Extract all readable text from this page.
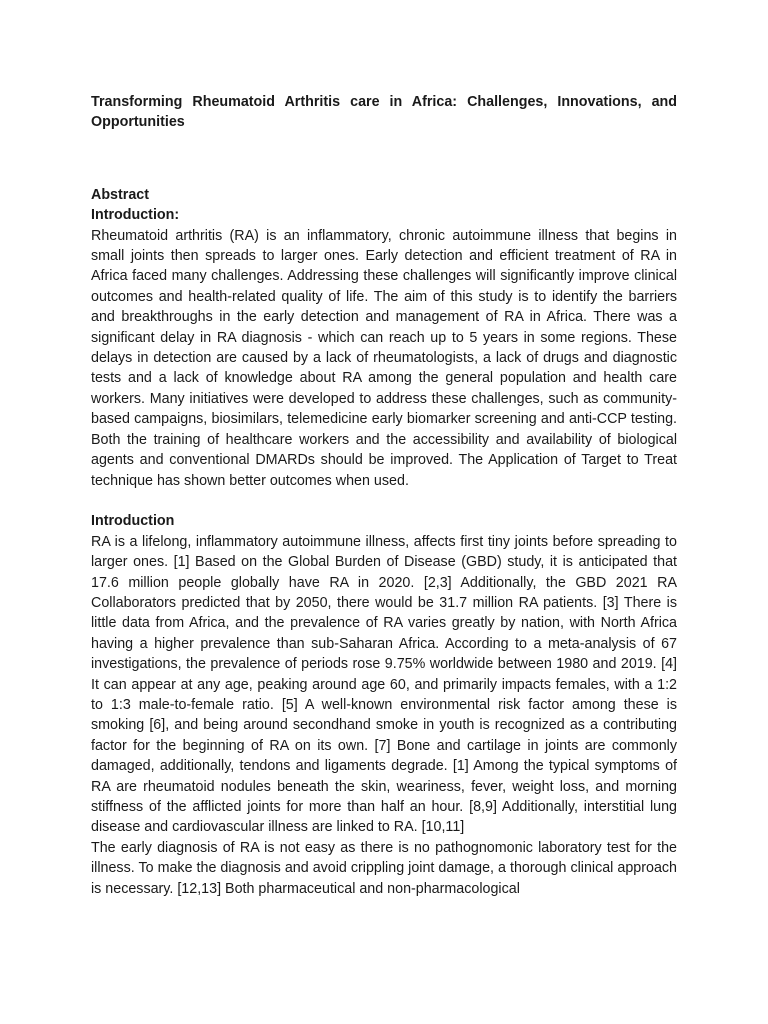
Transforming Rheumatoid Arthritis care in Africa: Challenges, Innovations, and Opportunities

Abstract
Introduction:

Rheumatoid arthritis (RA) is an inflammatory, chronic autoimmune illness that begins in small joints then spreads to larger ones. Early detection and efficient treatment of RA in Africa faced many challenges. Addressing these challenges will significantly improve clinical outcomes and health-related quality of life. The aim of this study is to identify the barriers and breakthroughs in the early detection and management of RA in Africa. There was a significant delay in RA diagnosis - which can reach up to 5 years in some regions. These delays in detection are caused by a lack of rheumatologists, a lack of drugs and diagnostic tests and a lack of knowledge about RA among the general population and health care workers. Many initiatives were developed to address these challenges, such as community-based campaigns, biosimilars, telemedicine early biomarker screening and anti-CCP testing. Both the training of healthcare workers and the accessibility and availability of biological agents and conventional DMARDs should be improved. The Application of Target to Treat technique has shown better outcomes when used.

Introduction

RA is a lifelong, inflammatory autoimmune illness, affects first tiny joints before spreading to larger ones. [1] Based on the Global Burden of Disease (GBD) study, it is anticipated that 17.6 million people globally have RA in 2020. [2,3] Additionally, the GBD 2021 RA Collaborators predicted that by 2050, there would be 31.7 million RA patients. [3] There is little data from Africa, and the prevalence of RA varies greatly by nation, with North Africa having a higher prevalence than sub-Saharan Africa. According to a meta-analysis of 67 investigations, the prevalence of periods rose 9.75% worldwide between 1980 and 2019. [4] It can appear at any age, peaking around age 60, and primarily impacts females, with a 1:2 to 1:3 male-to-female ratio. [5] A well-known environmental risk factor among these is smoking [6], and being around secondhand smoke in youth is recognized as a contributing factor for the beginning of RA on its own. [7] Bone and cartilage in joints are commonly damaged, additionally, tendons and ligaments degrade. [1] Among the typical symptoms of RA are rheumatoid nodules beneath the skin, weariness, fever, weight loss, and morning stiffness of the afflicted joints for more than half an hour. [8,9] Additionally, interstitial lung disease and cardiovascular illness are linked to RA. [10,11]

The early diagnosis of RA is not easy as there is no pathognomonic laboratory test for the illness. To make the diagnosis and avoid crippling joint damage, a thorough clinical approach is necessary. [12,13] Both pharmaceutical and non-pharmacological
